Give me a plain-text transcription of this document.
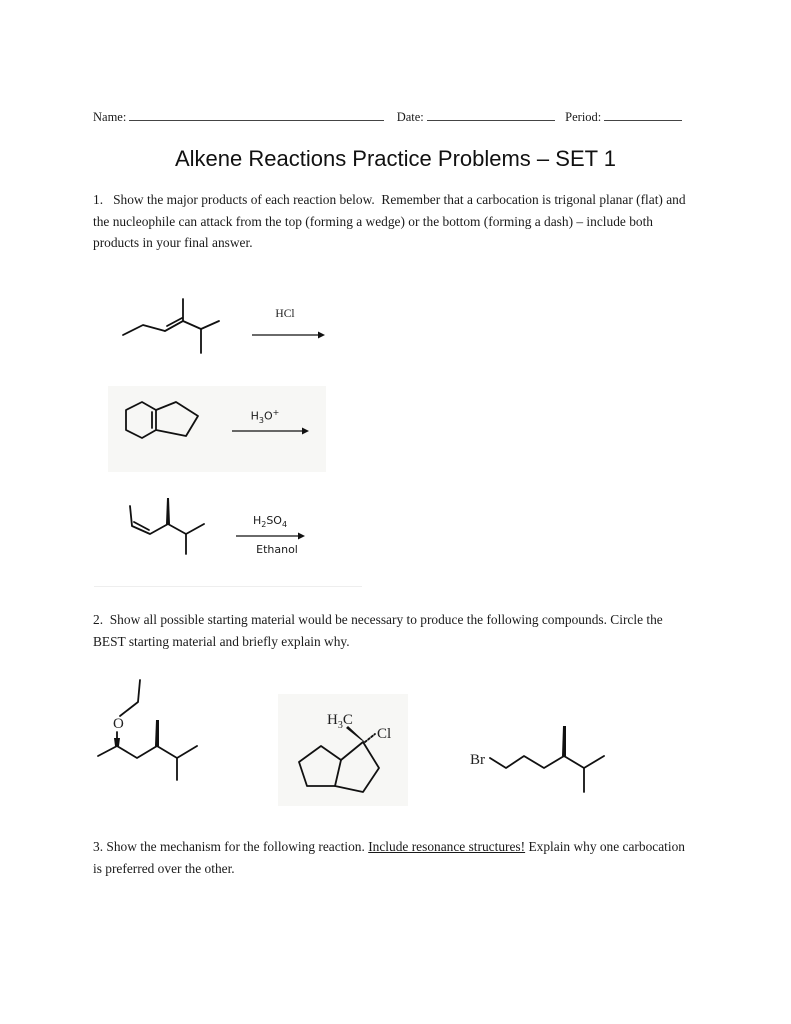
Name:	Date:	Period:
Alkene Reactions Practice Problems – SET 1
1.   Show the major products of each reaction below.  Remember that a carbocation is trigonal planar (flat) and the nucleophile can attack from the top (forming a wedge) or the bottom (forming a dash) – include both products in your final answer.
HCl
$H_3O^+$
$H_2SO_4$
Ethanol
2.  Show all possible starting material would be necessary to produce the following compounds. Circle the BEST starting material and briefly explain why.
O	$H_3C$
Cl
Br
3. Show the mechanism for the following reaction. Include resonance structures! Explain why one carbocation is preferred over the other.
